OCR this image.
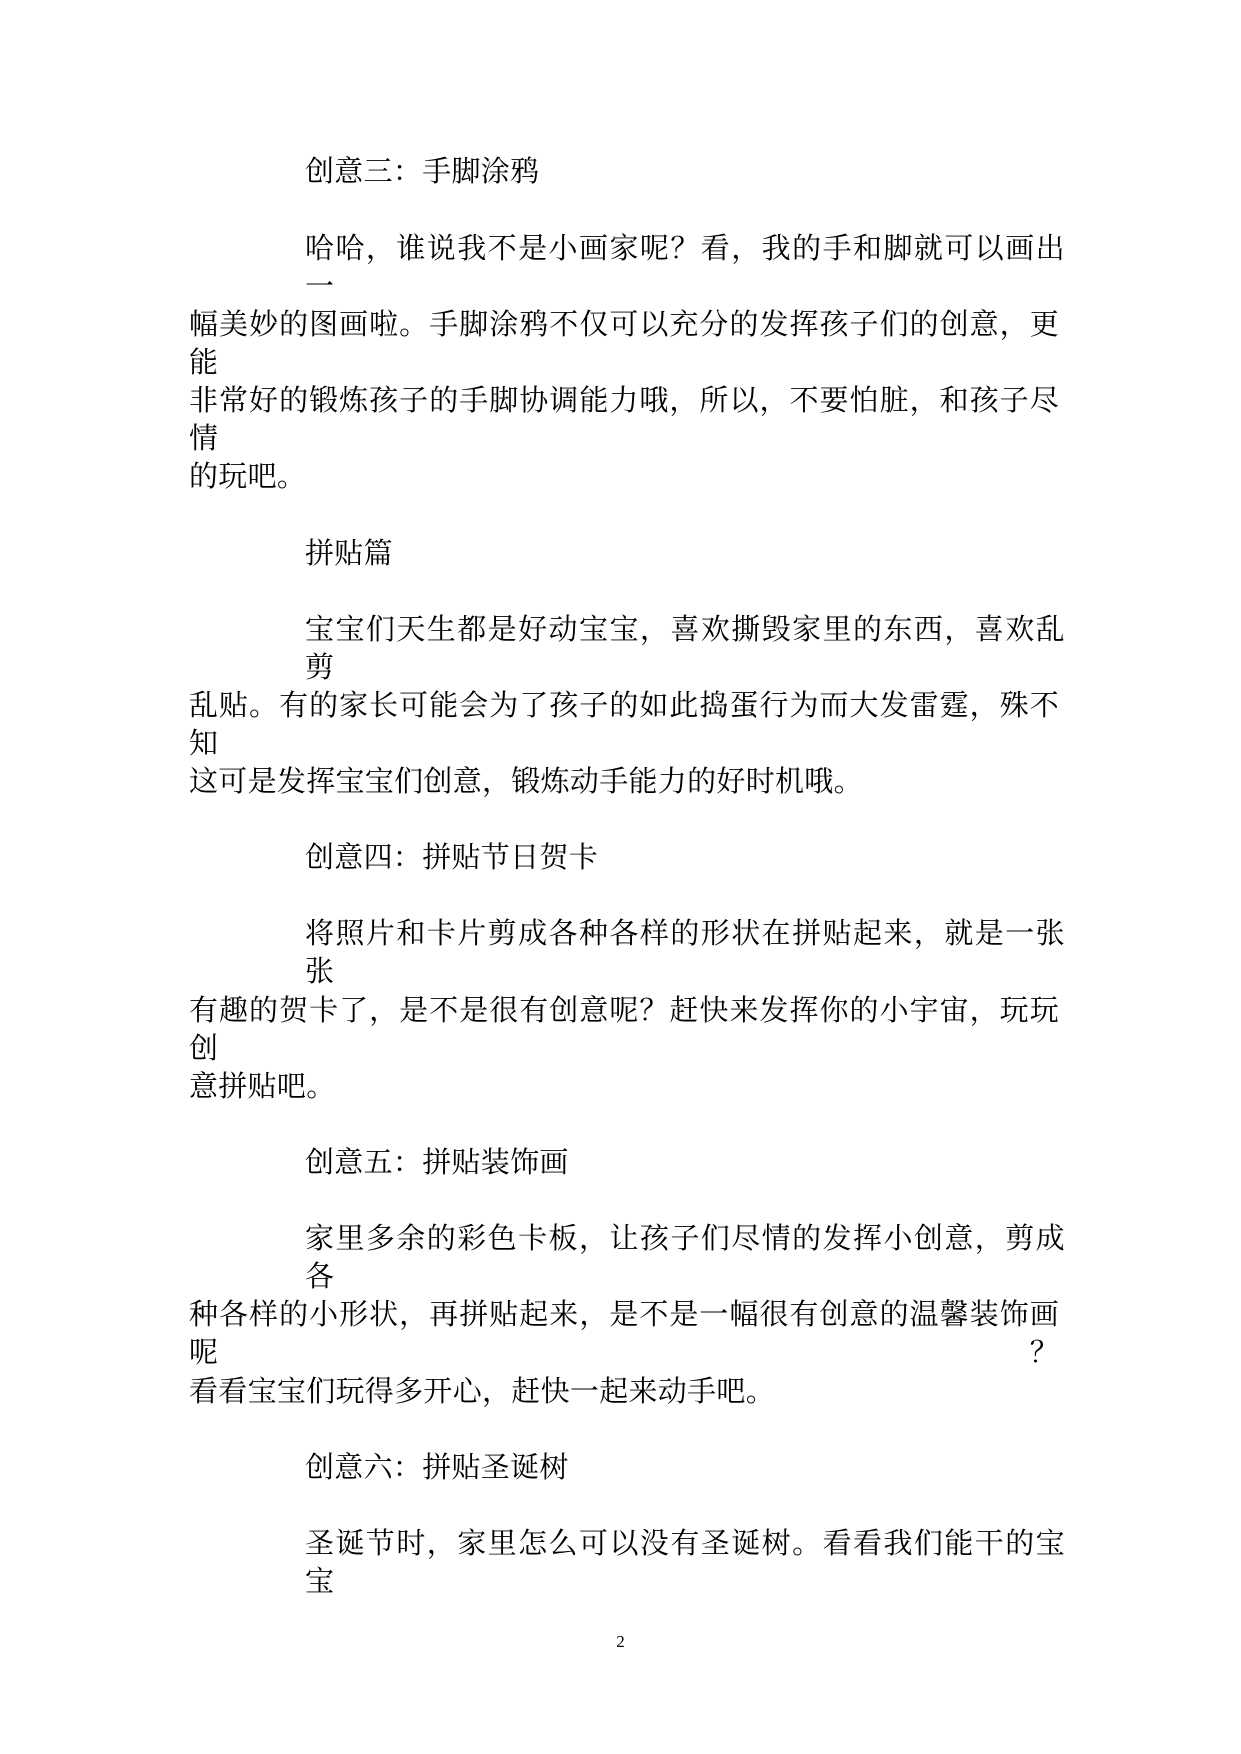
创意三：手脚涂鸦
哈哈，谁说我不是小画家呢？看，我的手和脚就可以画出一
幅美妙的图画啦。手脚涂鸦不仅可以充分的发挥孩子们的创意，更能
非常好的锻炼孩子的手脚协调能力哦，所以，不要怕脏，和孩子尽情
的玩吧。
拼贴篇
宝宝们天生都是好动宝宝，喜欢撕毁家里的东西，喜欢乱剪
乱贴。有的家长可能会为了孩子的如此捣蛋行为而大发雷霆，殊不知
这可是发挥宝宝们创意，锻炼动手能力的好时机哦。
创意四：拼贴节日贺卡
将照片和卡片剪成各种各样的形状在拼贴起来，就是一张张
有趣的贺卡了，是不是很有创意呢？赶快来发挥你的小宇宙，玩玩创
意拼贴吧。
创意五：拼贴装饰画
家里多余的彩色卡板，让孩子们尽情的发挥小创意，剪成各
种各样的小形状，再拼贴起来，是不是一幅很有创意的温馨装饰画呢？
看看宝宝们玩得多开心，赶快一起来动手吧。
创意六：拼贴圣诞树
圣诞节时，家里怎么可以没有圣诞树。看看我们能干的宝宝
2
